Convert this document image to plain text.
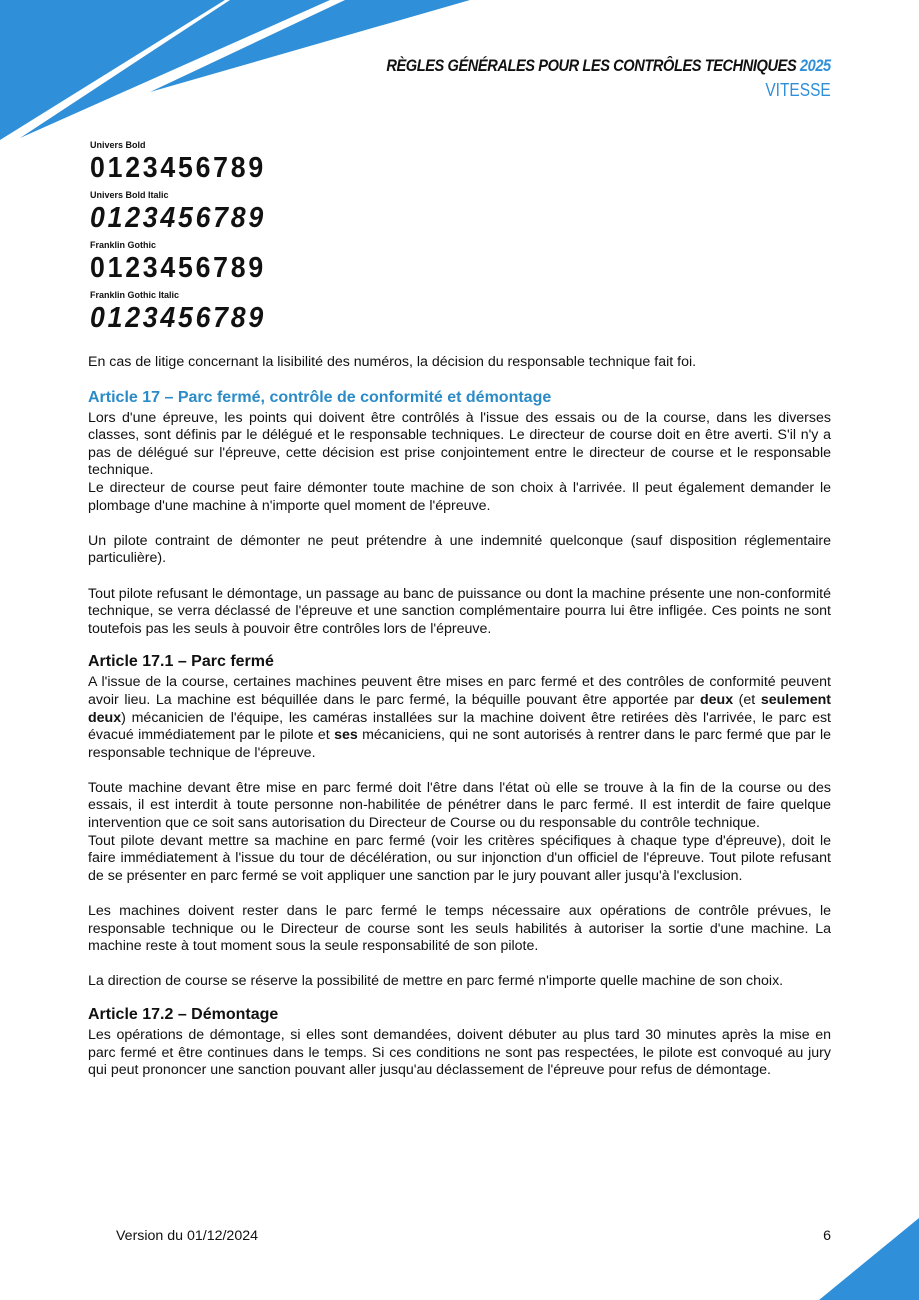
RÈGLES GÉNÉRALES POUR LES CONTRÔLES TECHNIQUES 2025
VITESSE
Univers Bold
0123456789
Univers Bold Italic
0123456789
Franklin Gothic
0123456789
Franklin Gothic Italic
0123456789

En cas de litige concernant la lisibilité des numéros, la décision du responsable technique fait foi.

Article 17 – Parc fermé, contrôle de conformité et démontage

Lors d'une épreuve, les points qui doivent être contrôlés à l'issue des essais ou de la course, dans les diverses classes, sont définis par le délégué et le responsable techniques. Le directeur de course doit en être averti. S'il n'y a pas de délégué sur l'épreuve, cette décision est prise conjointement entre le directeur de course et le responsable technique.

Le directeur de course peut faire démonter toute machine de son choix à l'arrivée. Il peut également demander le plombage d'une machine à n'importe quel moment de l'épreuve.

Un pilote contraint de démonter ne peut prétendre à une indemnité quelconque (sauf disposition réglementaire particulière).

Tout pilote refusant le démontage, un passage au banc de puissance ou dont la machine présente une non-conformité technique, se verra déclassé de l'épreuve et une sanction complémentaire pourra lui être infligée. Ces points ne sont toutefois pas les seuls à pouvoir être contrôles lors de l'épreuve.

Article 17.1 – Parc fermé

A l'issue de la course, certaines machines peuvent être mises en parc fermé et des contrôles de conformité peuvent avoir lieu. La machine est béquillée dans le parc fermé, la béquille pouvant être apportée par deux (et seulement deux) mécanicien de l'équipe, les caméras installées sur la machine doivent être retirées dès l'arrivée, le parc est évacué immédiatement par le pilote et ses mécaniciens, qui ne sont autorisés à rentrer dans le parc fermé que par le responsable technique de l'épreuve.

Toute machine devant être mise en parc fermé doit l'être dans l'état où elle se trouve à la fin de la course ou des essais, il est interdit à toute personne non-habilitée de pénétrer dans le parc fermé. Il est interdit de faire quelque intervention que ce soit sans autorisation du Directeur de Course ou du responsable du contrôle technique.

Tout pilote devant mettre sa machine en parc fermé (voir les critères spécifiques à chaque type d'épreuve), doit le faire immédiatement à l'issue du tour de décélération, ou sur injonction d'un officiel de l'épreuve. Tout pilote refusant de se présenter en parc fermé se voit appliquer une sanction par le jury pouvant aller jusqu'à l'exclusion.

Les machines doivent rester dans le parc fermé le temps nécessaire aux opérations de contrôle prévues, le responsable technique ou le Directeur de course sont les seuls habilités à autoriser la sortie d'une machine. La machine reste à tout moment sous la seule responsabilité de son pilote.

La direction de course se réserve la possibilité de mettre en parc fermé n'importe quelle machine de son choix.

Article 17.2 – Démontage

Les opérations de démontage, si elles sont demandées, doivent débuter au plus tard 30 minutes après la mise en parc fermé et être continues dans le temps. Si ces conditions ne sont pas respectées, le pilote est convoqué au jury qui peut prononcer une sanction pouvant aller jusqu'au déclassement de l'épreuve pour refus de démontage.

Version du 01/12/2024	6
